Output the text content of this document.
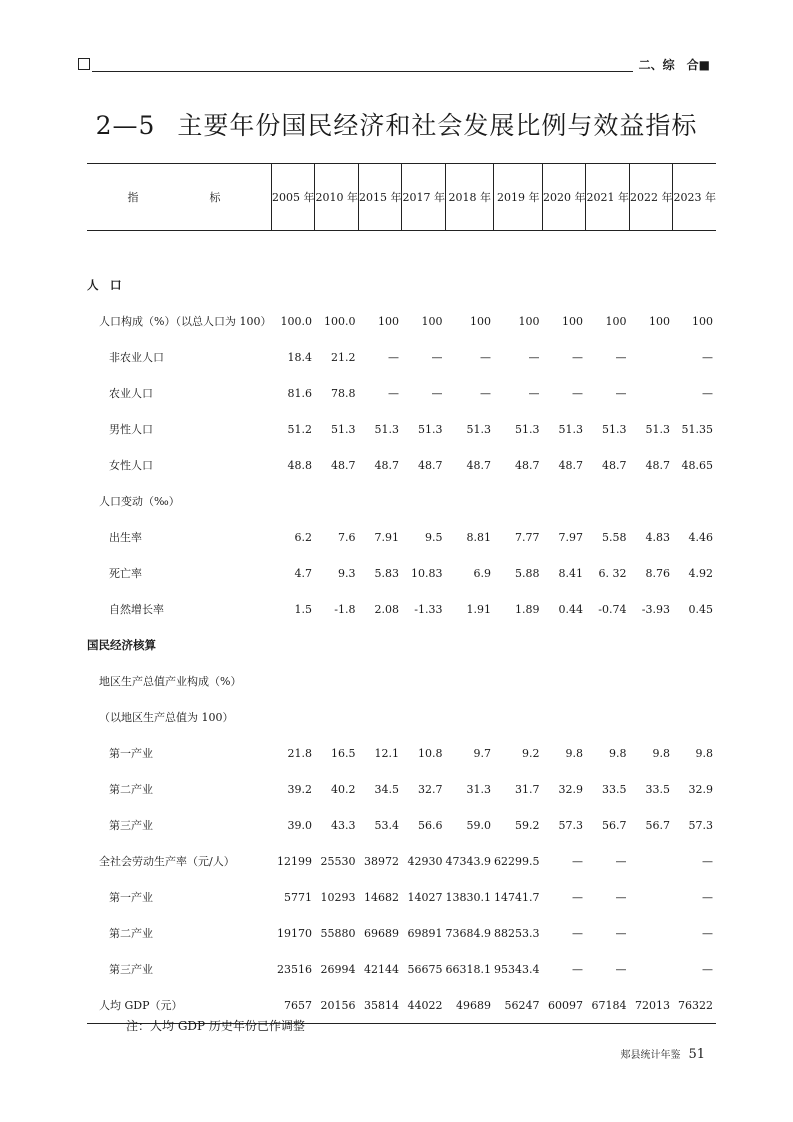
二、综　合■
2—5 主要年份国民经济和社会发展比例与效益指标
指　标	2005 年	2010 年	2015 年	2017 年	2018 年	2019 年	2020 年	2021 年	2022 年	2023 年

人　口										
人口构成（%）（以总人口为 100）	100.0	100.0	100	100	100	100	100	100	100	100
非农业人口	18.4	21.2	—	—	—	—	—	—		—
农业人口	81.6	78.8	—	—	—	—	—	—		—
男性人口	51.2	51.3	51.3	51.3	51.3	51.3	51.3	51.3	51.3	51.35
女性人口	48.8	48.7	48.7	48.7	48.7	48.7	48.7	48.7	48.7	48.65
人口变动（‰）										
出生率	6.2	7.6	7.91	9.5	8.81	7.77	7.97	5.58	4.83	4.46
死亡率	4.7	9.3	5.83	10.83	6.9	5.88	8.41	6. 32	8.76	4.92
自然增长率	1.5	-1.8	2.08	-1.33	1.91	1.89	0.44	-0.74	-3.93	0.45
国民经济核算										
地区生产总值产业构成（%）										
（以地区生产总值为 100）										
第一产业	21.8	16.5	12.1	10.8	9.7	9.2	9.8	9.8	9.8	9.8
第二产业	39.2	40.2	34.5	32.7	31.3	31.7	32.9	33.5	33.5	32.9
第三产业	39.0	43.3	53.4	56.6	59.0	59.2	57.3	56.7	56.7	57.3
全社会劳动生产率（元/人）	12199	25530	38972	42930	47343.9	62299.5	—	—		—
第一产业	5771	10293	14682	14027	13830.1	14741.7	—	—		—
第二产业	19170	55880	69689	69891	73684.9	88253.3	—	—		—
第三产业	23516	26994	42144	56675	66318.1	95343.4	—	—		—
人均 GDP（元）	7657	20156	35814	44022	49689	56247	60097	67184	72013	76322
注：人均 GDP 历史年份已作调整
郏县统计年鉴 51
